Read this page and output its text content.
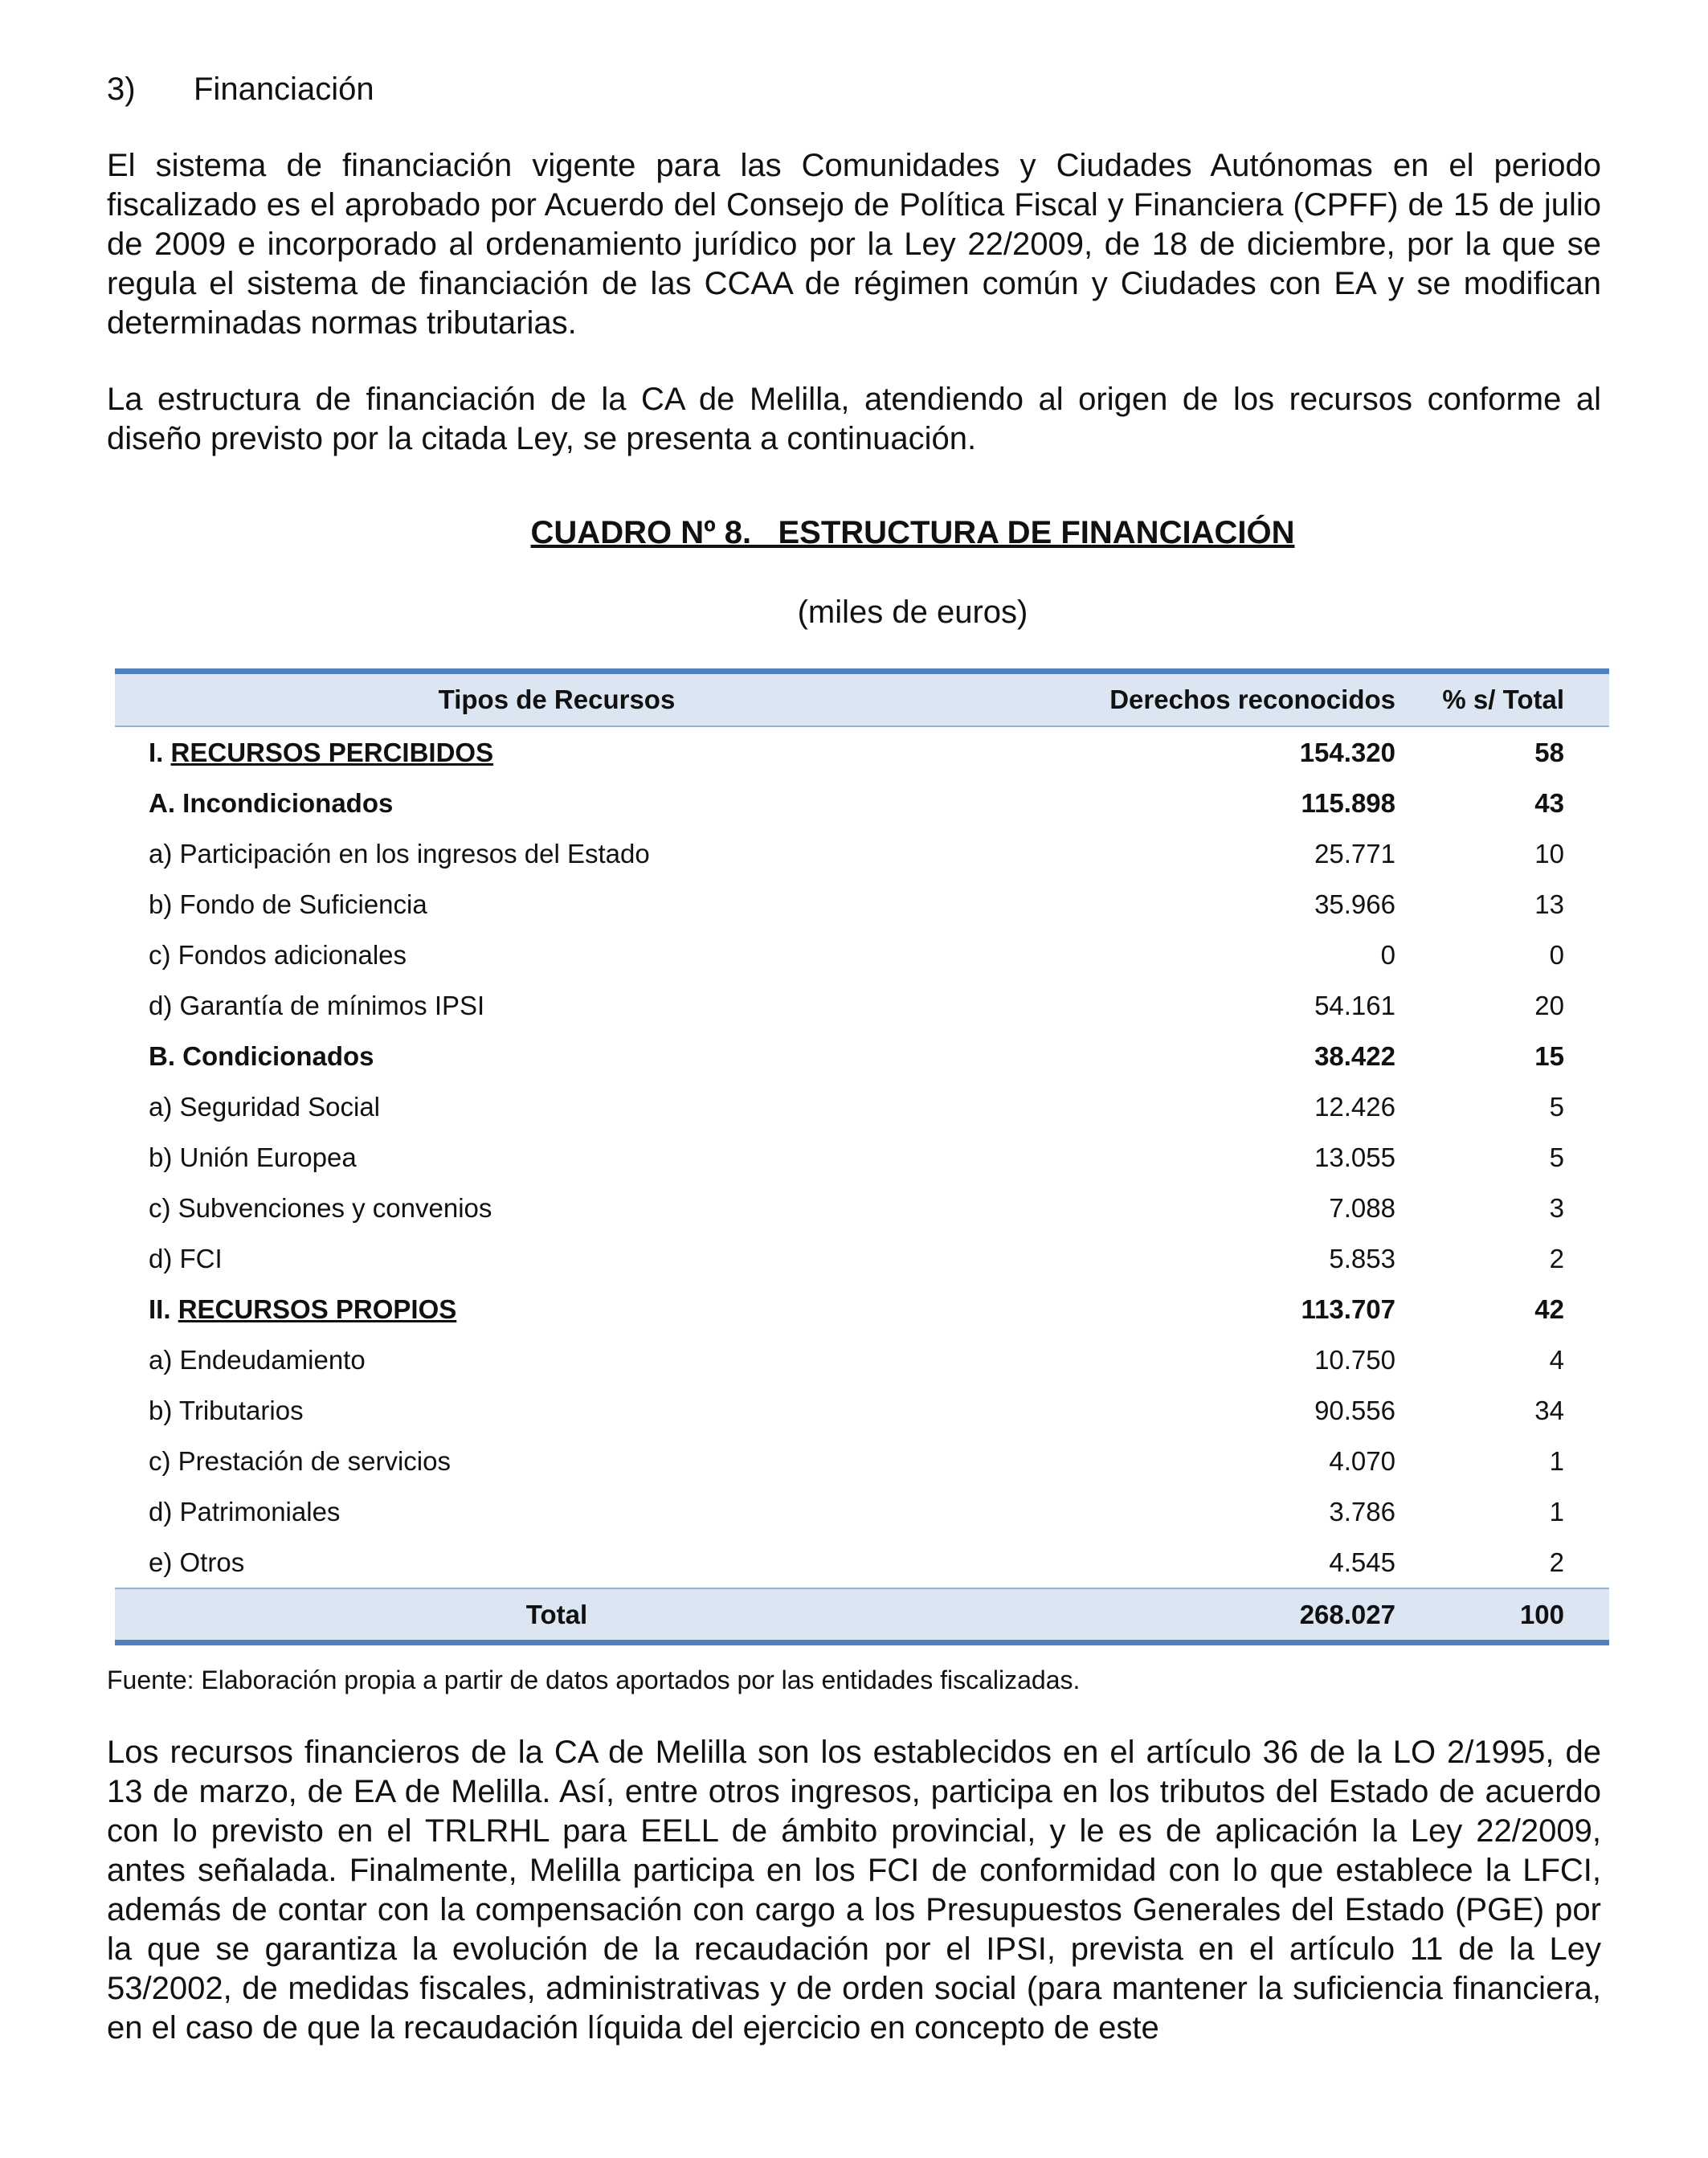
3) Financiación
El sistema de financiación vigente para las Comunidades y Ciudades Autónomas en el periodo fiscalizado es el aprobado por Acuerdo del Consejo de Política Fiscal y Financiera (CPFF) de 15 de julio de 2009 e incorporado al ordenamiento jurídico por la Ley 22/2009, de 18 de diciembre, por la que se regula el sistema de financiación de las CCAA de régimen común y Ciudades con EA y se modifican determinadas normas tributarias.
La estructura de financiación de la CA de Melilla, atendiendo al origen de los recursos conforme al diseño previsto por la citada Ley, se presenta a continuación.
CUADRO Nº 8.   ESTRUCTURA DE FINANCIACIÓN
(miles de euros)
Tipos de Recursos	Derechos reconocidos	% s/ Total
I. RECURSOS PERCIBIDOS	154.320	58
A. Incondicionados	115.898	43
a) Participación en los ingresos del Estado	25.771	10
b) Fondo de Suficiencia	35.966	13
c) Fondos adicionales	0	0
d) Garantía de mínimos IPSI	54.161	20
B. Condicionados	38.422	15
a) Seguridad Social	12.426	5
b) Unión Europea	13.055	5
c) Subvenciones y convenios	7.088	3
d) FCI	5.853	2
II. RECURSOS PROPIOS	113.707	42
a) Endeudamiento	10.750	4
b) Tributarios	90.556	34
c) Prestación de servicios	4.070	1
d) Patrimoniales	3.786	1
e) Otros	4.545	2
Total	268.027	100
Fuente: Elaboración propia a partir de datos aportados por las entidades fiscalizadas.
Los recursos financieros de la CA de Melilla son los establecidos en el artículo 36 de la LO 2/1995, de 13 de marzo, de EA de Melilla. Así, entre otros ingresos, participa en los tributos del Estado de acuerdo con lo previsto en el TRLRHL para EELL de ámbito provincial, y le es de aplicación la Ley 22/2009, antes señalada. Finalmente, Melilla participa en los FCI de conformidad con lo que establece la LFCI, además de contar con la compensación con cargo a los Presupuestos Generales del Estado (PGE) por la que se garantiza la evolución de la recaudación por el IPSI, prevista en el artículo 11 de la Ley 53/2002, de medidas fiscales, administrativas y de orden social (para mantener la suficiencia financiera, en el caso de que la recaudación líquida del ejercicio en concepto de este
